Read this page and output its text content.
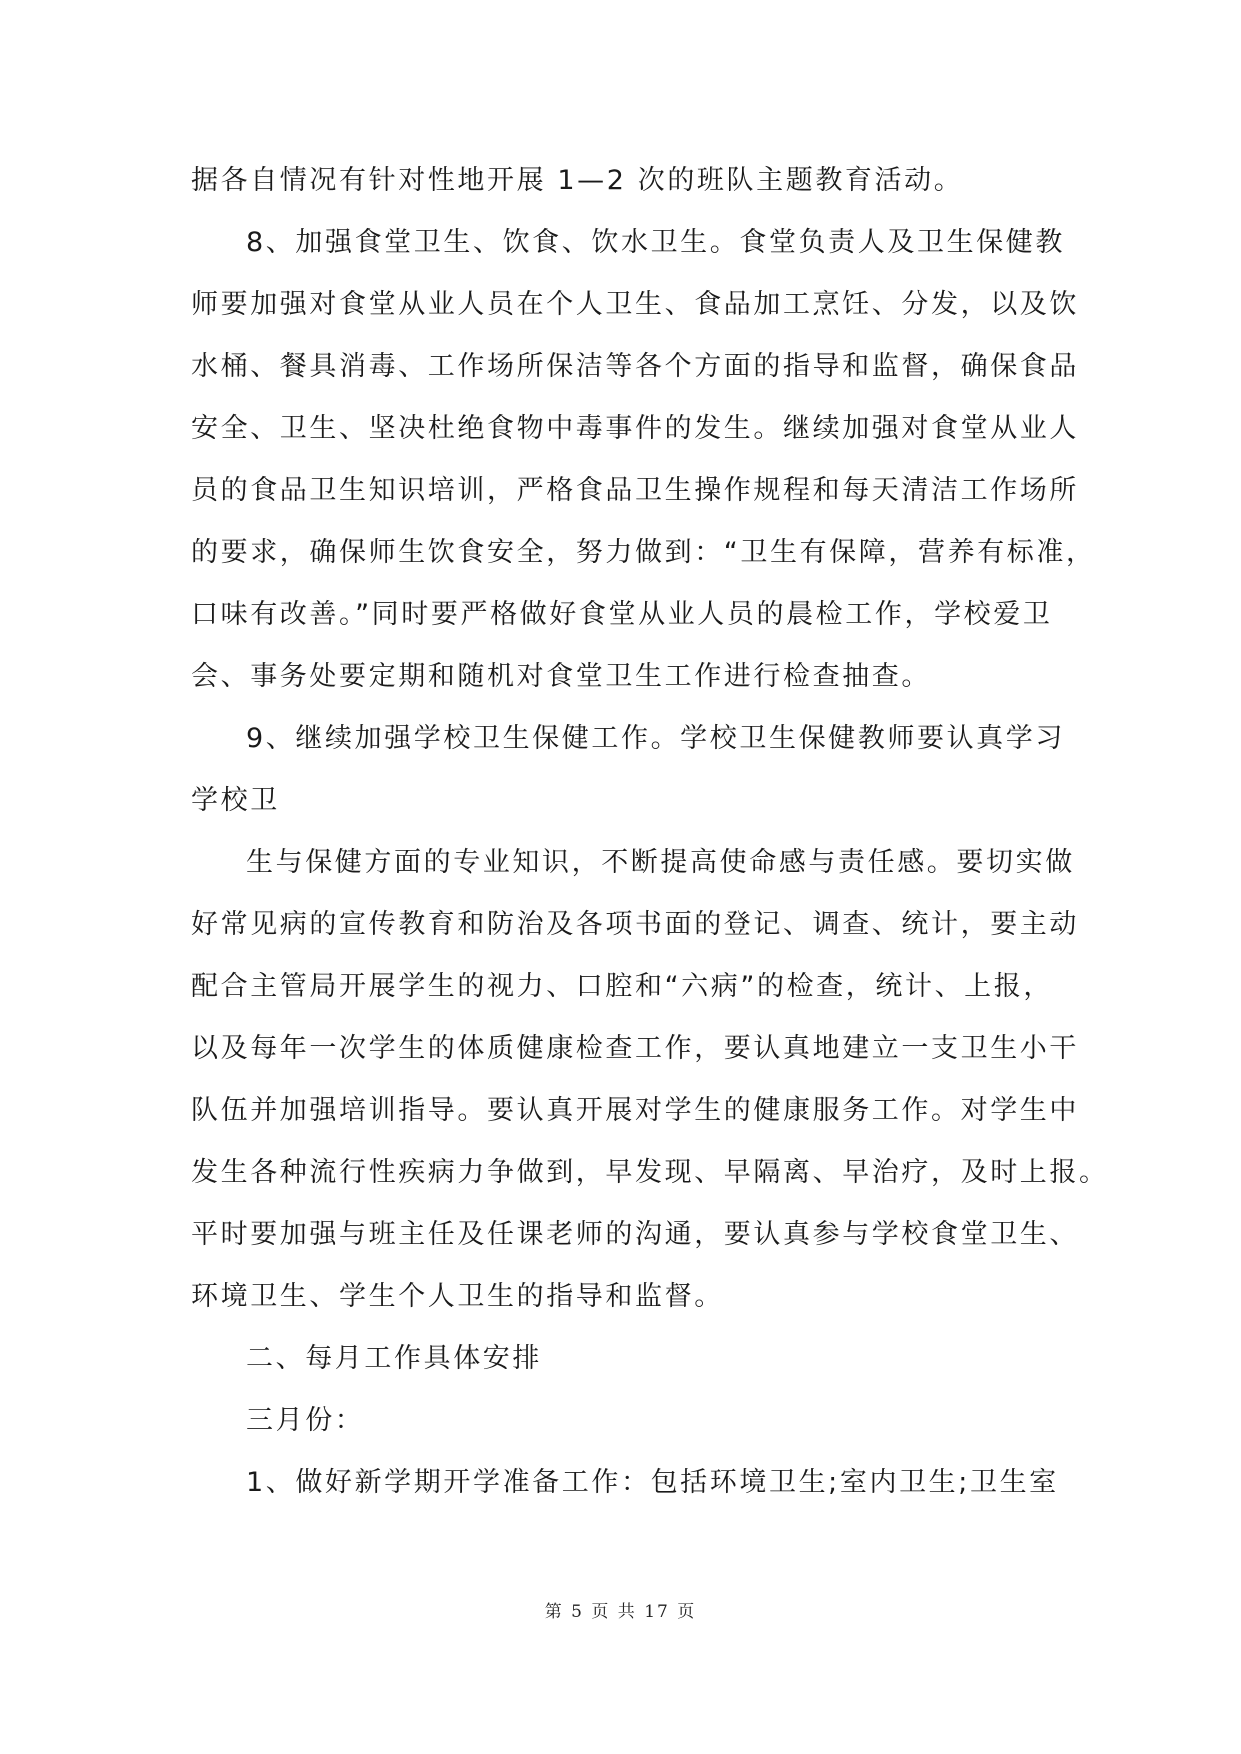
据各自情况有针对性地开展 1—2 次的班队主题教育活动。
8、加强食堂卫生、饮食、饮水卫生。食堂负责人及卫生保健教
师要加强对食堂从业人员在个人卫生、食品加工烹饪、分发，以及饮
水桶、餐具消毒、工作场所保洁等各个方面的指导和监督，确保食品
安全、卫生、坚决杜绝食物中毒事件的发生。继续加强对食堂从业人
员的食品卫生知识培训，严格食品卫生操作规程和每天清洁工作场所
的要求，确保师生饮食安全，努力做到：“卫生有保障，营养有标准，
口味有改善。”同时要严格做好食堂从业人员的晨检工作，学校爱卫
会、事务处要定期和随机对食堂卫生工作进行检查抽查。
9、继续加强学校卫生保健工作。学校卫生保健教师要认真学习
学校卫
生与保健方面的专业知识，不断提高使命感与责任感。要切实做
好常见病的宣传教育和防治及各项书面的登记、调查、统计，要主动
配合主管局开展学生的视力、口腔和“六病”的检查，统计、上报，
以及每年一次学生的体质健康检查工作，要认真地建立一支卫生小干
队伍并加强培训指导。要认真开展对学生的健康服务工作。对学生中
发生各种流行性疾病力争做到，早发现、早隔离、早治疗，及时上报。
平时要加强与班主任及任课老师的沟通，要认真参与学校食堂卫生、
环境卫生、学生个人卫生的指导和监督。
二、每月工作具体安排
三月份：
1、做好新学期开学准备工作：包括环境卫生;室内卫生;卫生室
第 5 页 共 17 页
